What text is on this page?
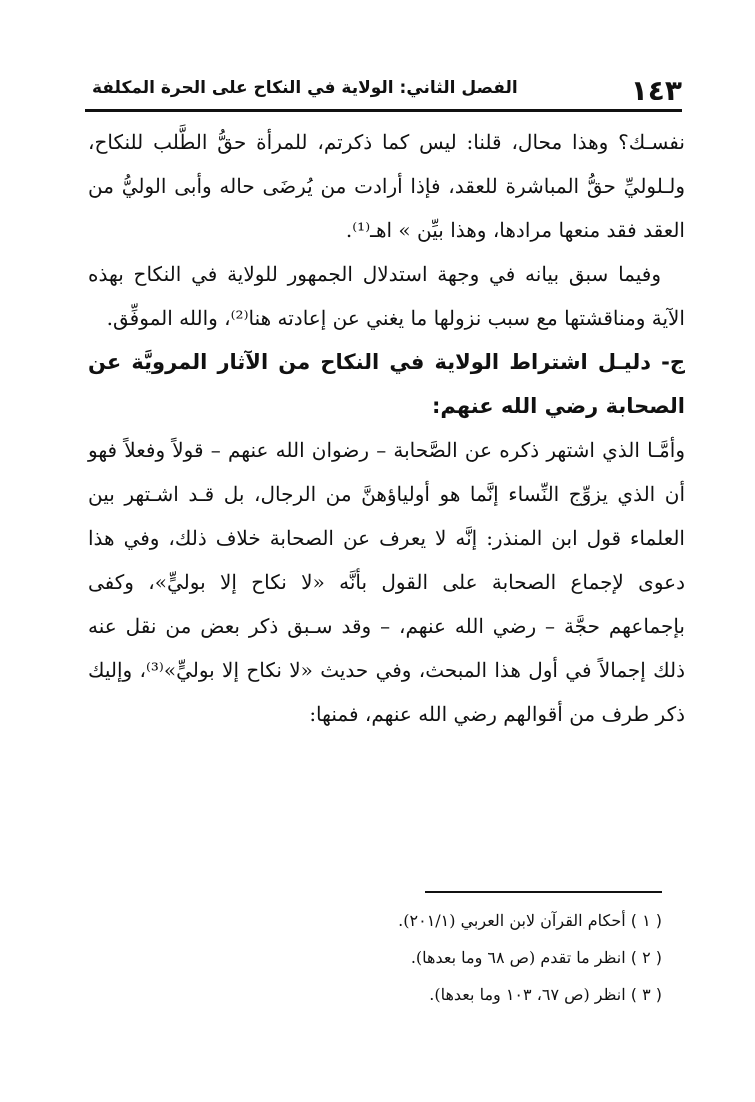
١٤٣
الفصل الثاني: الولاية في النكاح على الحرة المكلفة

نفسـك؟ وهذا محال، قلنا: ليس كما ذكرتم، للمرأة حقُّ الطَّلب للنكاح، ولـلوليِّ حقُّ المباشرة للعقد، فإذا أرادت من يُرضَى حاله وأبى الوليُّ من العقد فقد منعها مرادها، وهذا بيِّن » اهـ⁽¹⁾.

وفيما سبق بيانه في وجهة استدلال الجمهور للولاية في النكاح بهذه الآية ومناقشتها مع سبب نزولها ما يغني عن إعادته هنا⁽²⁾، والله الموفِّق.

ج- دليـل اشتراط الولاية في النكاح من الآثار المرويَّة عن الصحابة رضي الله عنهم:

وأمَّـا الذي اشتهر ذكره عن الصَّحابة – رضوان الله عنهم – قولاً وفعلاً فهو أن الذي يزوِّج النِّساء إنَّما هو أولياؤهنَّ من الرجال، بل قـد اشـتهر بين العلماء قول ابن المنذر: إنَّه لا يعرف عن الصحابة خلاف ذلك، وفي هذا دعوى لإجماع الصحابة على القول بأنَّه «لا نكاح إلا بوليٍّ»، وكفى بإجماعهم حجَّة – رضي الله عنهم، – وقد سـبق ذكر بعض من نقل عنه ذلك إجمالاً في أول هذا المبحث، وفي حديث «لا نكاح إلا بوليٍّ»⁽³⁾، وإليك ذكر طرف من أقوالهم رضي الله عنهم، فمنها:

( ١ ) أحكام القرآن لابن العربي (٢٠١/١).
( ٢ ) انظر ما تقدم (ص ٦٨ وما بعدها).
( ٣ ) انظر (ص ٦٧، ١٠٣ وما بعدها).
